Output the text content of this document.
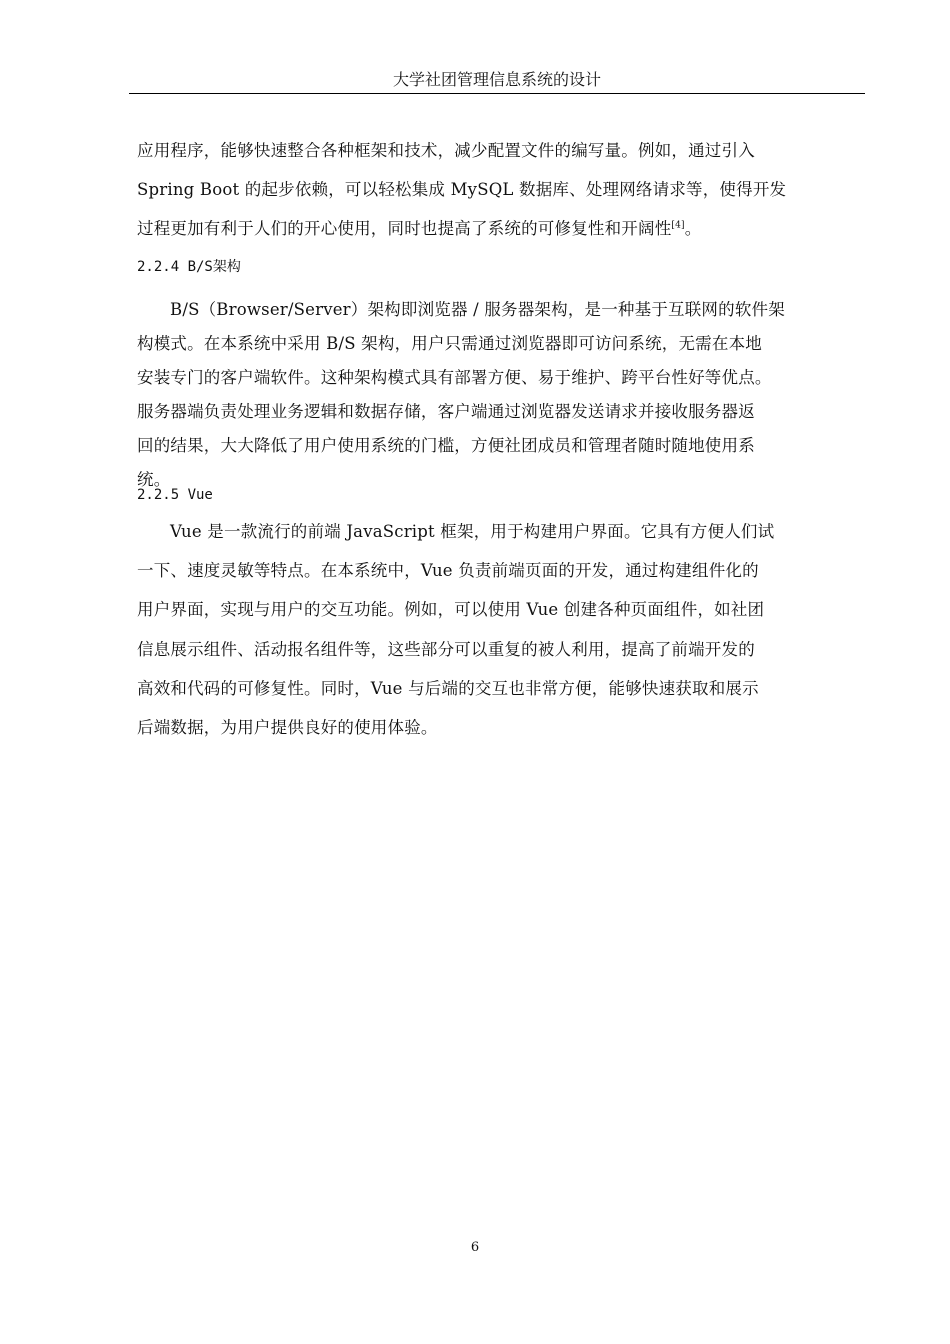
大学社团管理信息系统的设计
应用程序，能够快速整合各种框架和技术，减少配置文件的编写量。例如，通过引入
Spring Boot 的起步依赖，可以轻松集成 MySQL 数据库、处理网络请求等，使得开发
过程更加有利于人们的开心使用，同时也提高了系统的可修复性和开阔性[4]。
2.2.4 B/S架构
B/S（Browser/Server）架构即浏览器 / 服务器架构，是一种基于互联网的软件架
构模式。在本系统中采用 B/S 架构，用户只需通过浏览器即可访问系统，无需在本地
安装专门的客户端软件。这种架构模式具有部署方便、易于维护、跨平台性好等优点。
服务器端负责处理业务逻辑和数据存储，客户端通过浏览器发送请求并接收服务器返
回的结果，大大降低了用户使用系统的门槛，方便社团成员和管理者随时随地使用系
统。
2.2.5 Vue
Vue 是一款流行的前端 JavaScript 框架，用于构建用户界面。它具有方便人们试
一下、速度灵敏等特点。在本系统中，Vue 负责前端页面的开发，通过构建组件化的
用户界面，实现与用户的交互功能。例如，可以使用 Vue 创建各种页面组件，如社团
信息展示组件、活动报名组件等，这些部分可以重复的被人利用，提高了前端开发的
高效和代码的可修复性。同时，Vue 与后端的交互也非常方便，能够快速获取和展示
后端数据，为用户提供良好的使用体验。
6
